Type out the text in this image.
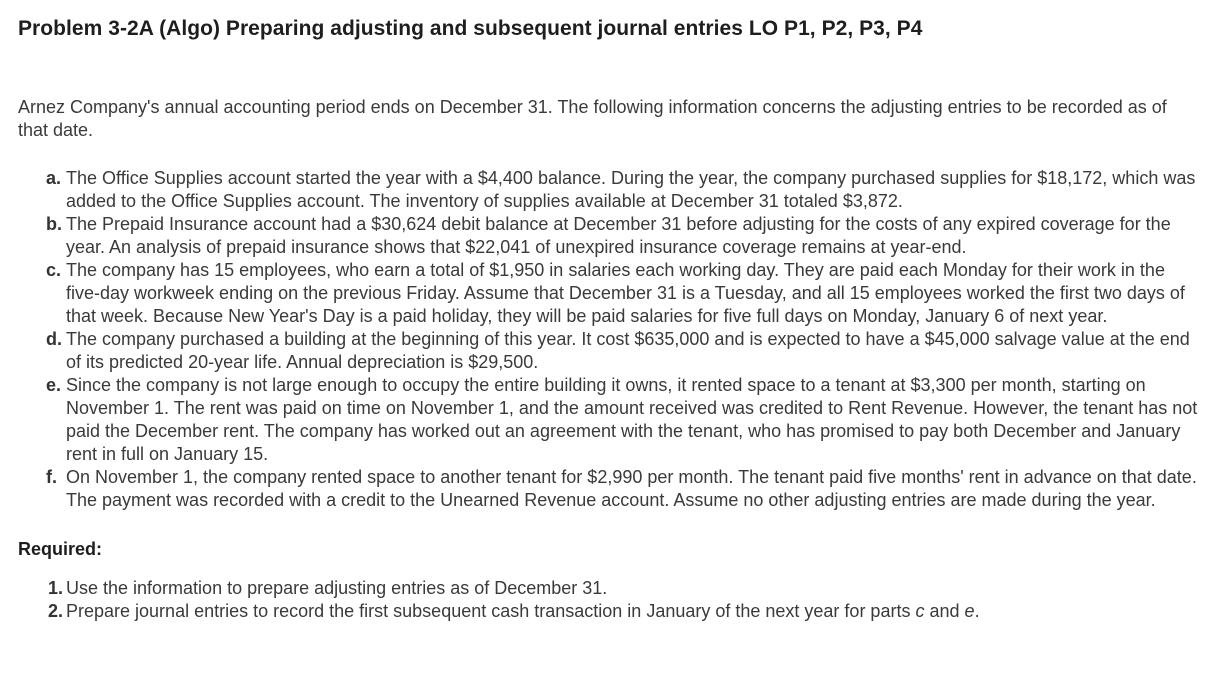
Problem 3-2A (Algo) Preparing adjusting and subsequent journal entries LO P1, P2, P3, P4

Arnez Company's annual accounting period ends on December 31. The following information concerns the adjusting entries to be recorded as of that date.

a. The Office Supplies account started the year with a $4,400 balance. During the year, the company purchased supplies for $18,172, which was added to the Office Supplies account. The inventory of supplies available at December 31 totaled $3,872.
b. The Prepaid Insurance account had a $30,624 debit balance at December 31 before adjusting for the costs of any expired coverage for the year. An analysis of prepaid insurance shows that $22,041 of unexpired insurance coverage remains at year-end.
c. The company has 15 employees, who earn a total of $1,950 in salaries each working day. They are paid each Monday for their work in the five-day workweek ending on the previous Friday. Assume that December 31 is a Tuesday, and all 15 employees worked the first two days of that week. Because New Year's Day is a paid holiday, they will be paid salaries for five full days on Monday, January 6 of next year.
d. The company purchased a building at the beginning of this year. It cost $635,000 and is expected to have a $45,000 salvage value at the end of its predicted 20-year life. Annual depreciation is $29,500.
e. Since the company is not large enough to occupy the entire building it owns, it rented space to a tenant at $3,300 per month, starting on November 1. The rent was paid on time on November 1, and the amount received was credited to Rent Revenue. However, the tenant has not paid the December rent. The company has worked out an agreement with the tenant, who has promised to pay both December and January rent in full on January 15.
f. On November 1, the company rented space to another tenant for $2,990 per month. The tenant paid five months' rent in advance on that date. The payment was recorded with a credit to the Unearned Revenue account. Assume no other adjusting entries are made during the year.

Required:

1. Use the information to prepare adjusting entries as of December 31.
2. Prepare journal entries to record the first subsequent cash transaction in January of the next year for parts c and e.
